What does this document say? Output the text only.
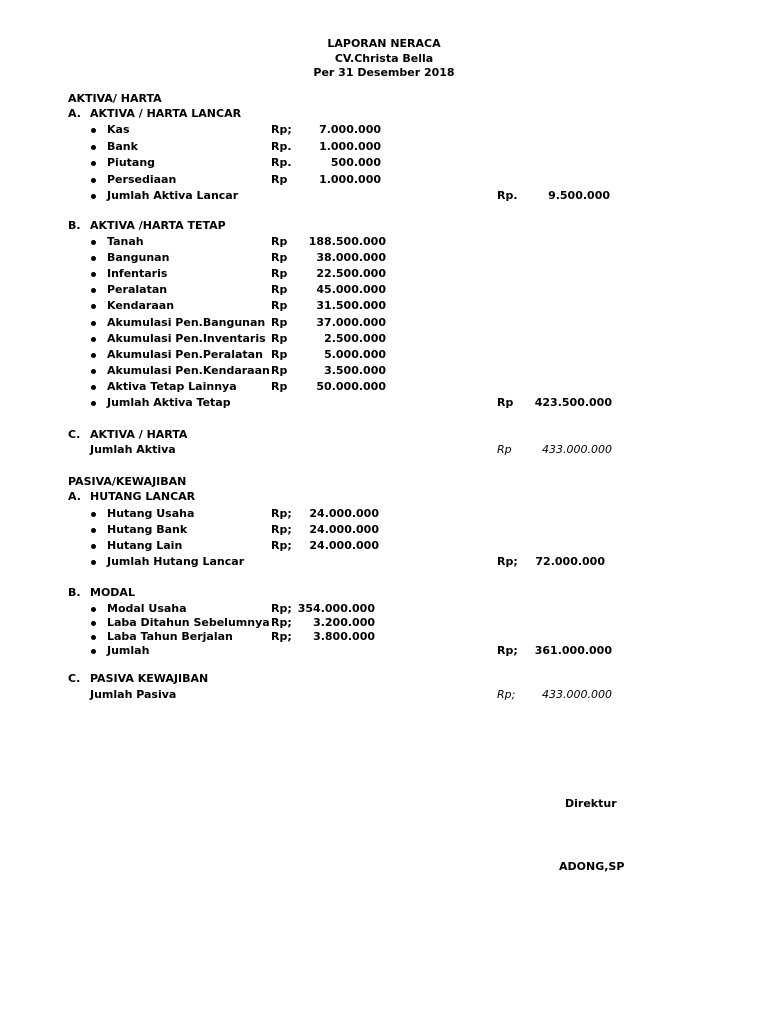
LAPORAN NERACA
CV.Christa Bella
Per 31 Desember 2018
AKTIVA/ HARTA
A. AKTIVA / HARTA LANCAR
Kas	Rp;	7.000.000
Bank	Rp.	1.000.000
Piutang	Rp.	500.000
Persediaan	Rp	1.000.000
Jumlah Aktiva Lancar	Rp.	9.500.000
B. AKTIVA /HARTA TETAP
Tanah	Rp	188.500.000
Bangunan	Rp	38.000.000
Infentaris	Rp	22.500.000
Peralatan	Rp	45.000.000
Kendaraan	Rp	31.500.000
Akumulasi Pen.Bangunan Rp	37.000.000
Akumulasi Pen.Inventaris Rp	2.500.000
Akumulasi Pen.Peralatan Rp	5.000.000
Akumulasi Pen.Kendaraan Rp	3.500.000
Aktiva Tetap Lainnya	Rp	50.000.000
Jumlah Aktiva Tetap	Rp	423.500.000
C. AKTIVA / HARTA
Jumlah Aktiva	Rp	433.000.000
PASIVA/KEWAJIBAN
A. HUTANG LANCAR
Hutang Usaha	Rp;	24.000.000
Hutang Bank	Rp;	24.000.000
Hutang Lain	Rp;	24.000.000
Jumlah Hutang Lancar	Rp;	72.000.000
B. MODAL
Modal Usaha	Rp; 354.000.000
Laba Ditahun Sebelumnya Rp;	3.200.000
Laba Tahun Berjalan	Rp;	3.800.000
Jumlah	Rp;	361.000.000
C. PASIVA KEWAJIBAN
Jumlah Pasiva	Rp;	433.000.000
Direktur
ADONG,SP
